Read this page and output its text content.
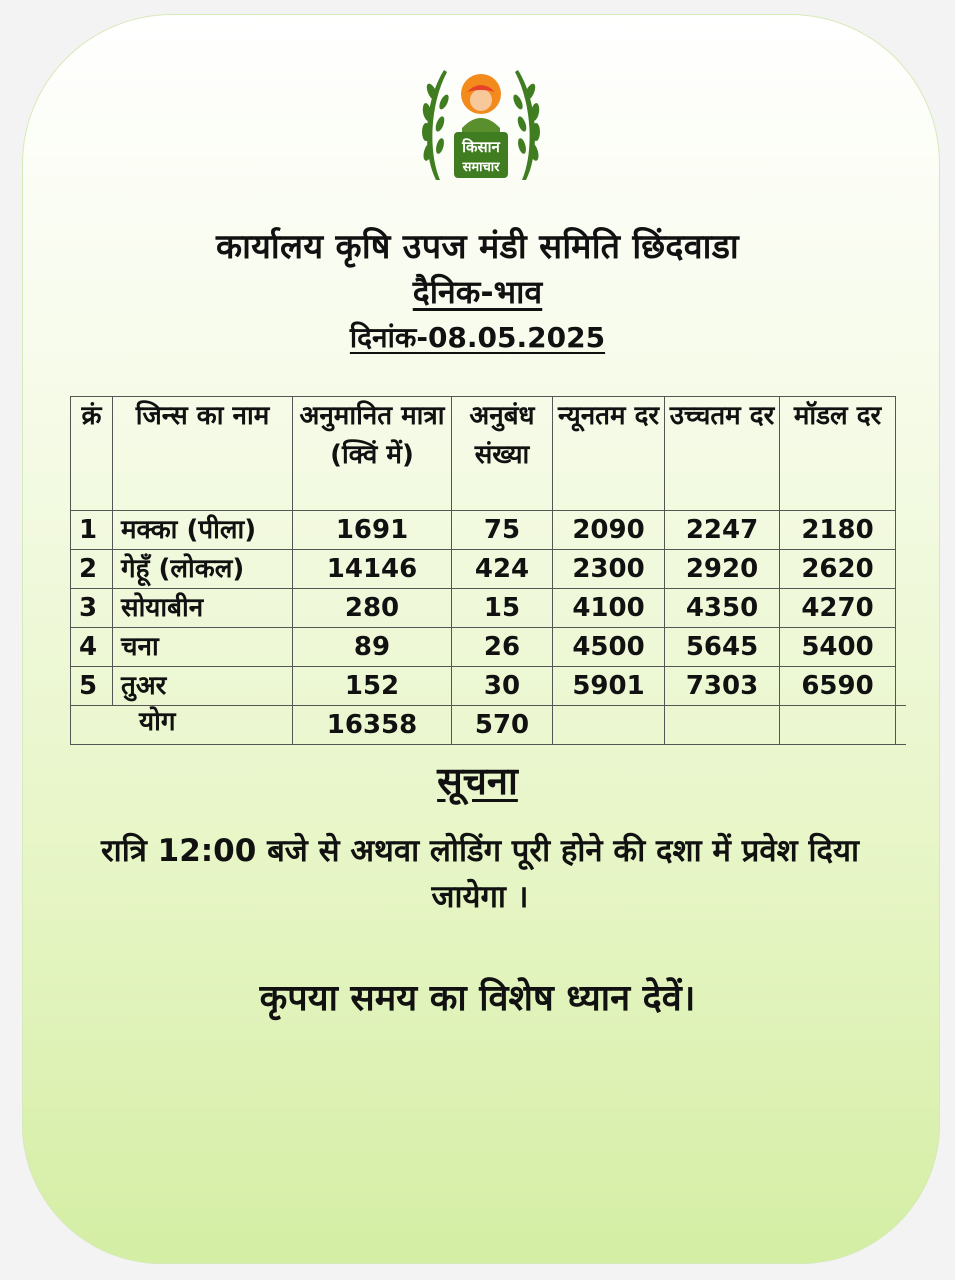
किसान
समाचार
कार्यालय कृषि उपज मंडी समिति छिंदवाडा
दैनिक-भाव
दिनांक-08.05.2025
क्रं	जिन्स का नाम	अनुमानित मात्रा (क्विं में)	अनुबंध संख्या	न्यूनतम दर	उच्चतम दर	मॉडल दर	
1	मक्का (पीला)	1691	75	2090	2247	2180	
2	गेहूँ (लोकल)	14146	424	2300	2920	2620	
3	सोयाबीन	280	15	4100	4350	4270	
4	चना	89	26	4500	5645	5400	
5	तुअर	152	30	5901	7303	6590	
योग		16358	570				
सूचना
रात्रि 12:00 बजे से अथवा लोडिंग पूरी होने की दशा में प्रवेश दिया जायेगा ।
कृपया समय का विशेष ध्यान देवें।
